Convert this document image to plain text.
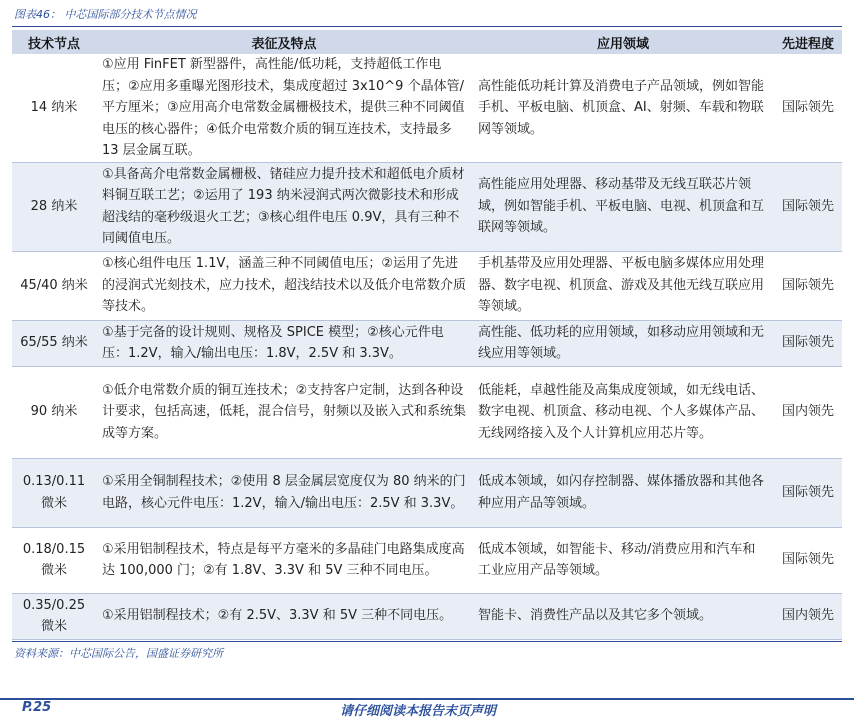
图表46： 中芯国际部分技术节点情况
技术节点	表征及特点	应用领域	先进程度
14 纳米	①应用 FinFET 新型器件，高性能/低功耗，支持超低工作电压；②应用多重曝光图形技术，集成度超过 3x10^9 个晶体管/平方厘米；③应用高介电常数金属栅极技术，提供三种不同阈值电压的核心器件；④低介电常数介质的铜互连技术，支持最多 13 层金属互联。	高性能低功耗计算及消费电子产品领域，例如智能手机、平板电脑、机顶盒、AI、射频、车载和物联网等领域。	国际领先
28 纳米	①具备高介电常数金属栅极、锗硅应力提升技术和超低电介质材料铜互联工艺；②运用了 193 纳米浸润式两次微影技术和形成超浅结的毫秒级退火工艺；③核心组件电压 0.9V，具有三种不同阈值电压。	高性能应用处理器、移动基带及无线互联芯片领域，例如智能手机、平板电脑、电视、机顶盒和互联网等领域。	国际领先
45/40 纳米	①核心组件电压 1.1V，涵盖三种不同阈值电压；②运用了先进的浸润式光刻技术，应力技术，超浅结技术以及低介电常数介质等技术。	手机基带及应用处理器、平板电脑多媒体应用处理器、数字电视、机顶盒、游戏及其他无线互联应用等领域。	国际领先
65/55 纳米	①基于完备的设计规则、规格及 SPICE 模型；②核心元件电压：1.2V，输入/输出电压：1.8V，2.5V 和 3.3V。	高性能、低功耗的应用领域，如移动应用领域和无线应用等领域。	国际领先
90 纳米	①低介电常数介质的铜互连技术；②支持客户定制，达到各种设计要求，包括高速，低耗，混合信号，射频以及嵌入式和系统集成等方案。	低能耗，卓越性能及高集成度领域，如无线电话、数字电视、机顶盒、移动电视、个人多媒体产品、无线网络接入及个人计算机应用芯片等。	国内领先
0.13/0.11 微米	①采用全铜制程技术；②使用 8 层金属层宽度仅为 80 纳米的门电路，核心元件电压：1.2V，输入/输出电压：2.5V 和 3.3V。	低成本领域，如闪存控制器、媒体播放器和其他各种应用产品等领域。	国际领先
0.18/0.15 微米	①采用铝制程技术，特点是每平方毫米的多晶硅门电路集成度高达 100,000 门；②有 1.8V、3.3V 和 5V 三种不同电压。	低成本领域，如智能卡、移动/消费应用和汽车和工业应用产品等领域。	国际领先
0.35/0.25 微米	①采用铝制程技术；②有 2.5V、3.3V 和 5V 三种不同电压。	智能卡、消费性产品以及其它多个领域。	国内领先
资料来源：中芯国际公告，国盛证券研究所
P.25	请仔细阅读本报告末页声明
